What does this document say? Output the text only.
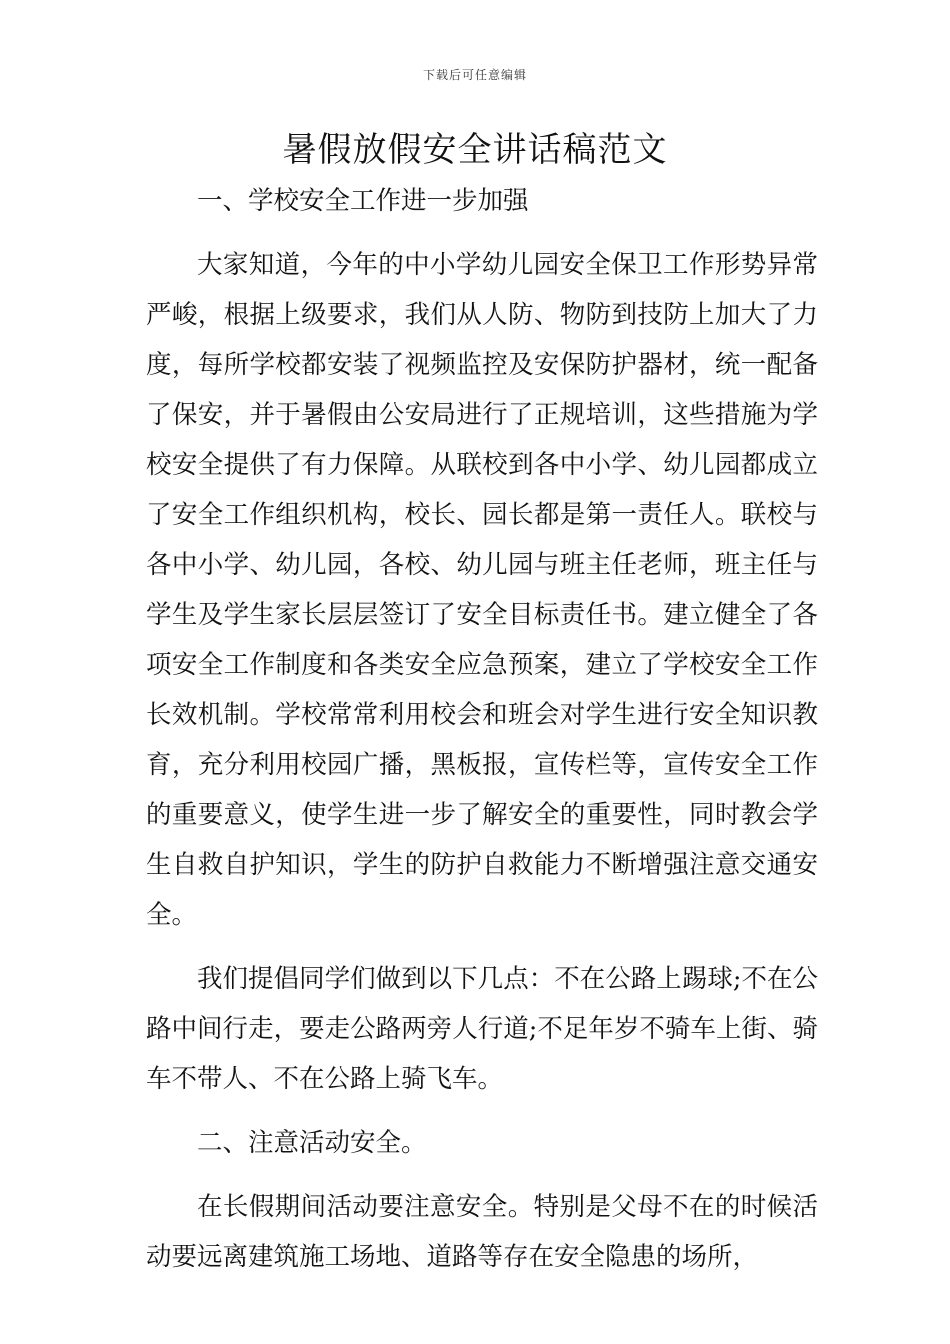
下载后可任意编辑
暑假放假安全讲话稿范文

一、学校安全工作进一步加强

大家知道，今年的中小学幼儿园安全保卫工作形势异常严峻，根据上级要求，我们从人防、物防到技防上加大了力度，每所学校都安装了视频监控及安保防护器材，统一配备了保安，并于暑假由公安局进行了正规培训，这些措施为学校安全提供了有力保障。从联校到各中小学、幼儿园都成立了安全工作组织机构，校长、园长都是第一责任人。联校与各中小学、幼儿园，各校、幼儿园与班主任老师，班主任与学生及学生家长层层签订了安全目标责任书。建立健全了各项安全工作制度和各类安全应急预案，建立了学校安全工作长效机制。学校常常利用校会和班会对学生进行安全知识教育，充分利用校园广播，黑板报，宣传栏等，宣传安全工作的重要意义，使学生进一步了解安全的重要性，同时教会学生自救自护知识，学生的防护自救能力不断增强注意交通安全。

我们提倡同学们做到以下几点：不在公路上踢球;不在公路中间行走，要走公路两旁人行道;不足年岁不骑车上街、骑车不带人、不在公路上骑飞车。

二、注意活动安全。

在长假期间活动要注意安全。特别是父母不在的时候活动要远离建筑施工场地、道路等存在安全隐患的场所，
